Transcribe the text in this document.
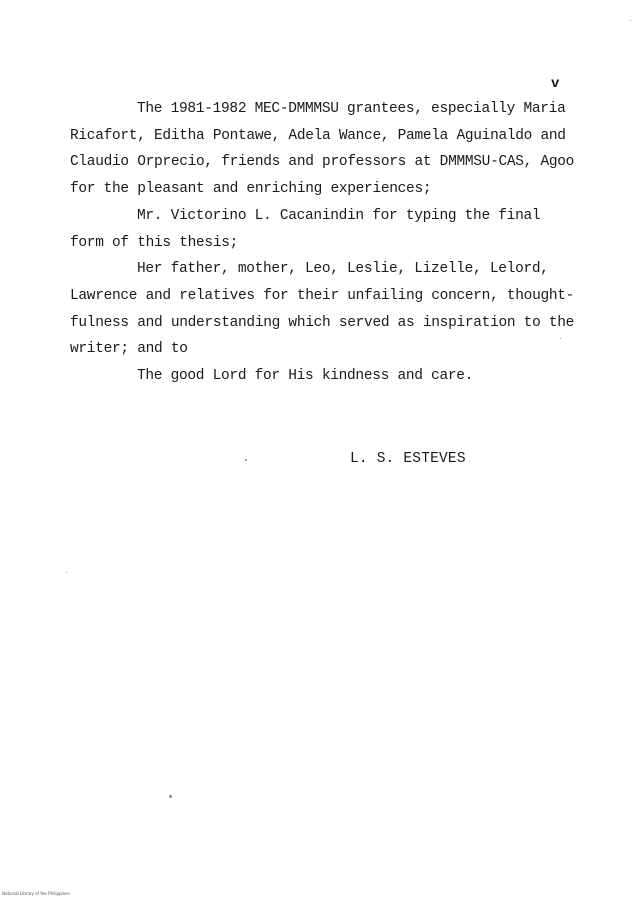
v

The 1981-1982 MEC-DMMMSU grantees, especially Maria Ricafort, Editha Pontawe, Adela Wance, Pamela Aguinaldo and Claudio Orprecio, friends and professors at DMMMSU-CAS, Agoo for the pleasant and enriching experiences;

Mr. Victorino L. Cacanindin for typing the final form of this thesis;

Her father, mother, Leo, Leslie, Lizelle, Lelord, Lawrence and relatives for their unfailing concern, thought-fulness and understanding which served as inspiration to the writer; and to

The good Lord for His kindness and care.

L. S. ESTEVES
National Library of the Philippines
